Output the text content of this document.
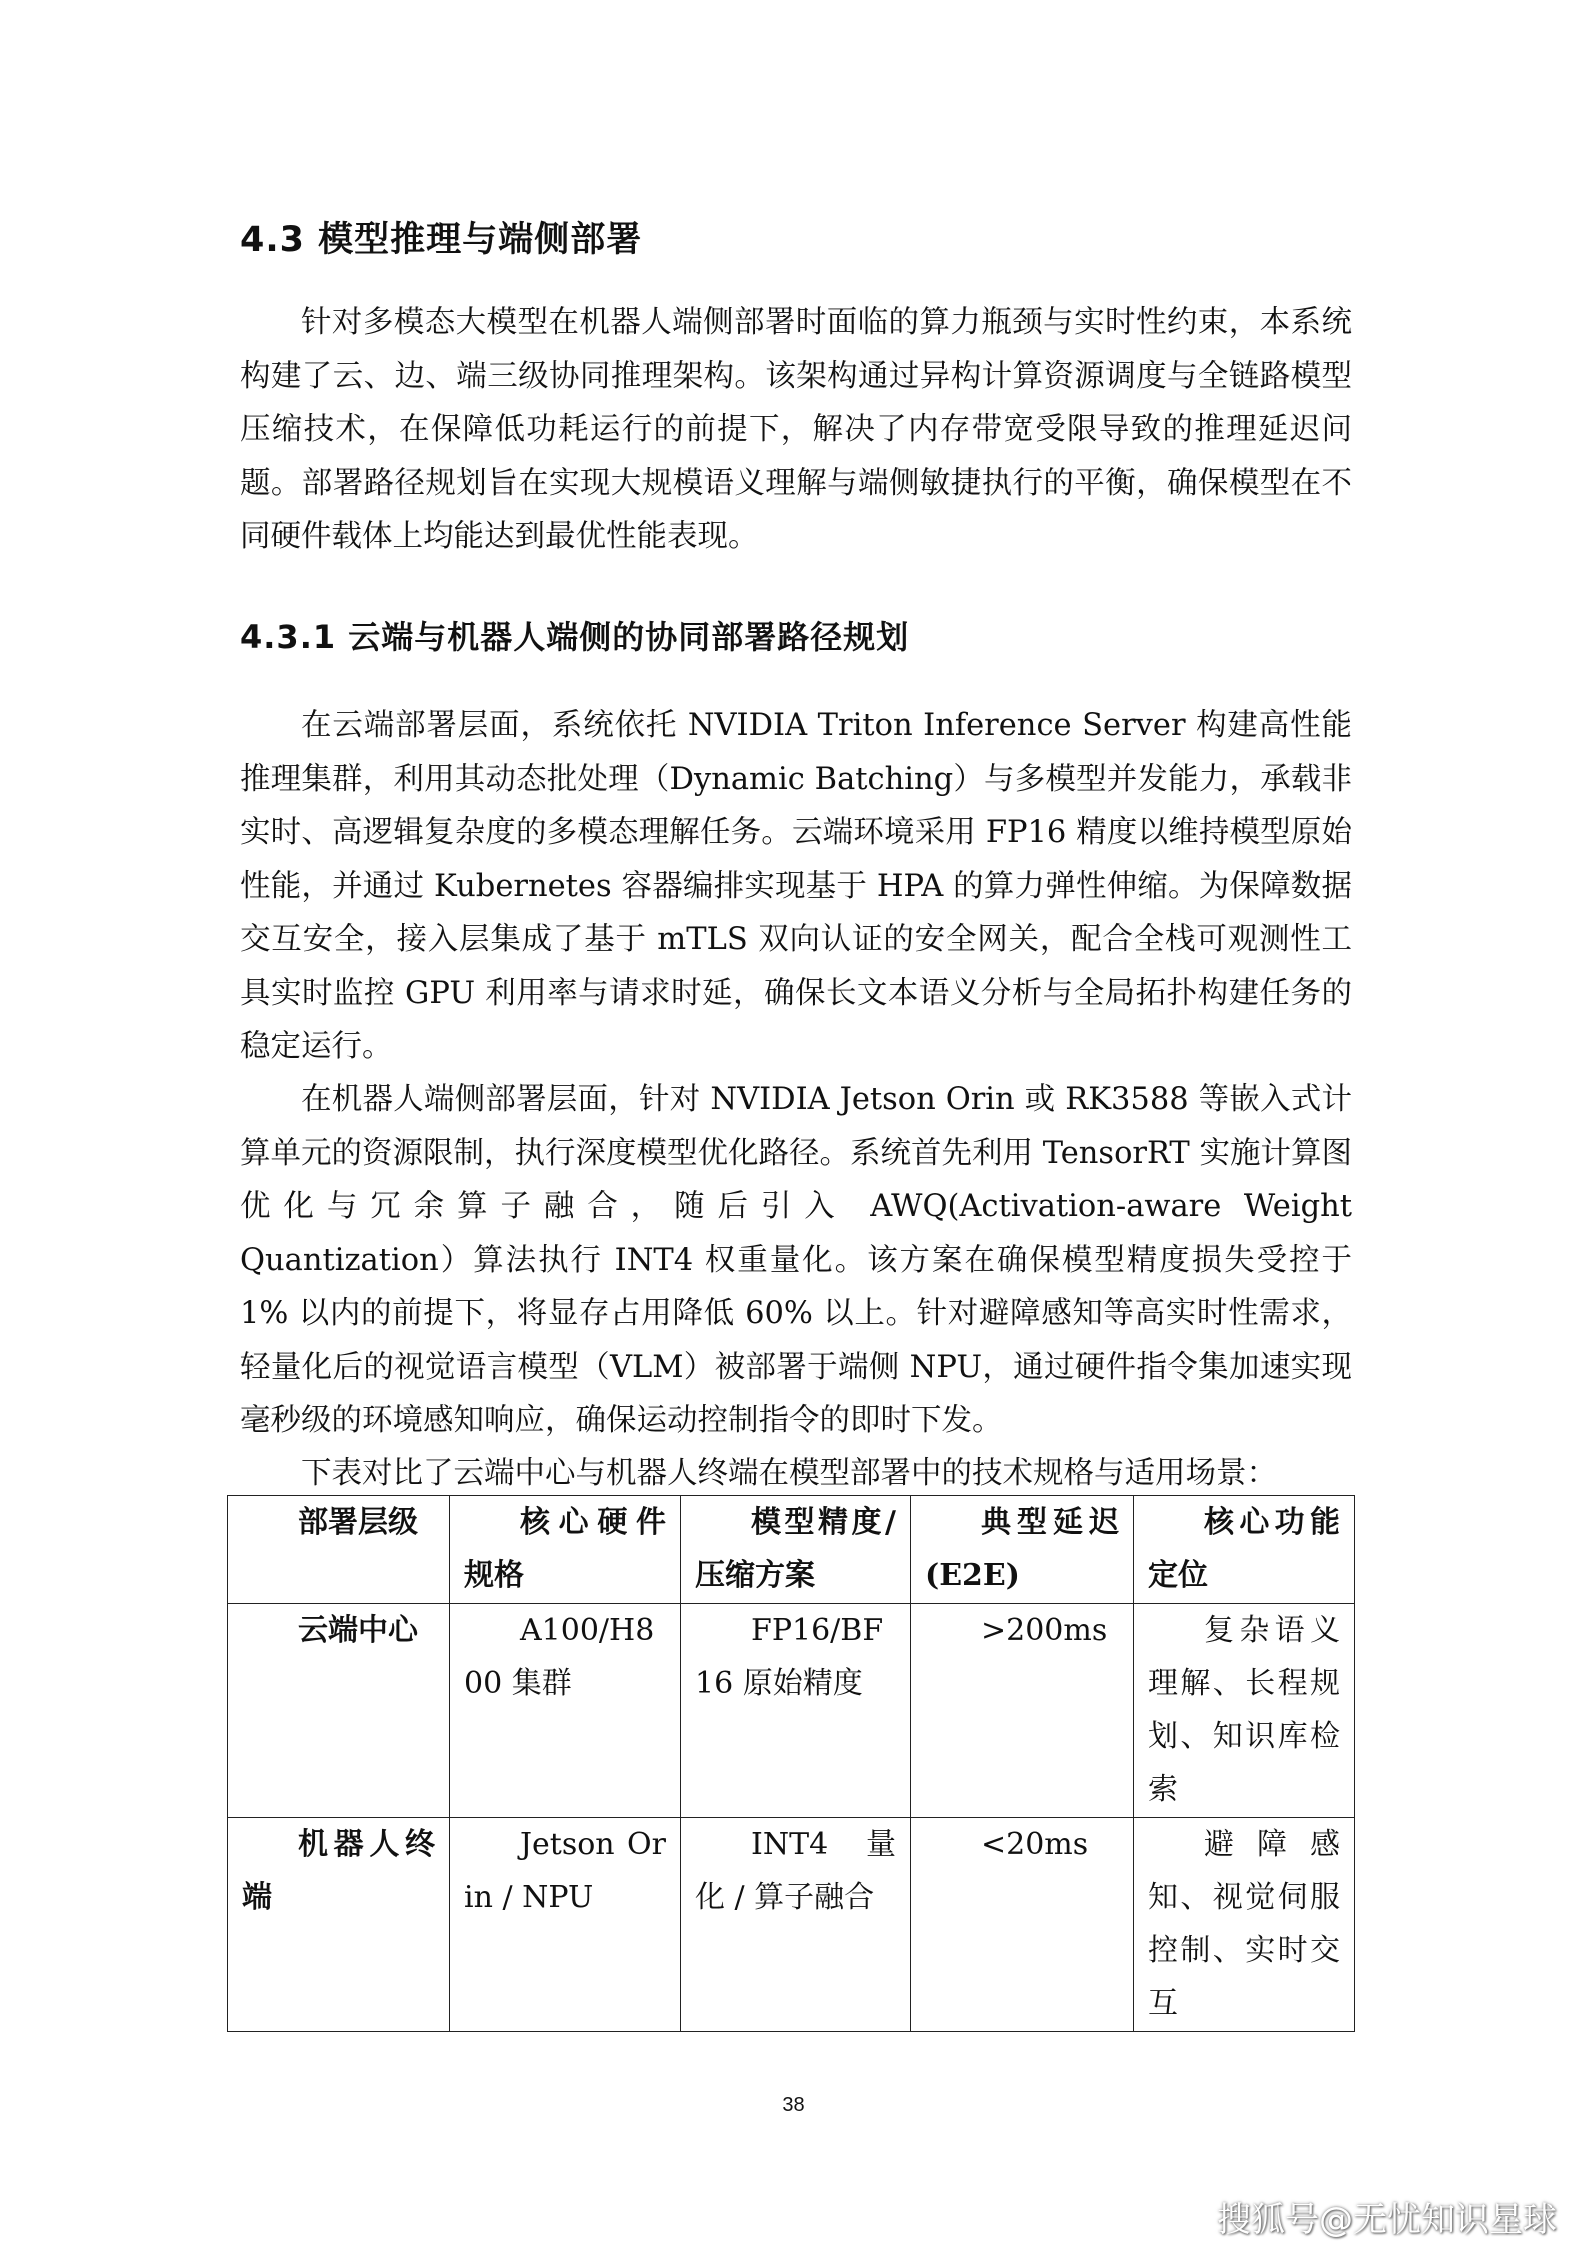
4.3 模型推理与端侧部署

针对多模态大模型在机器人端侧部署时面临的算力瓶颈与实时性约束，本系统构建了云、边、端三级协同推理架构。该架构通过异构计算资源调度与全链路模型压缩技术，在保障低功耗运行的前提下，解决了内存带宽受限导致的推理延迟问题。部署路径规划旨在实现大规模语义理解与端侧敏捷执行的平衡，确保模型在不同硬件载体上均能达到最优性能表现。

4.3.1 云端与机器人端侧的协同部署路径规划

在云端部署层面，系统依托 NVIDIA Triton Inference Server 构建高性能推理集群，利用其动态批处理（Dynamic Batching）与多模型并发能力，承载非实时、高逻辑复杂度的多模态理解任务。云端环境采用 FP16 精度以维持模型原始性能，并通过 Kubernetes 容器编排实现基于 HPA 的算力弹性伸缩。为保障数据交互安全，接入层集成了基于 mTLS 双向认证的安全网关，配合全栈可观测性工具实时监控 GPU 利用率与请求时延，确保长文本语义分析与全局拓扑构建任务的稳定运行。

在机器人端侧部署层面，针对 NVIDIA Jetson Orin 或 RK3588 等嵌入式计算单元的资源限制，执行深度模型优化路径。系统首先利用 TensorRT 实施计算图优化与冗余算子融合，随后引入 AWQ(Activation-aware Weight Quantization）算法执行 INT4 权重量化。该方案在确保模型精度损失受控于 1% 以内的前提下，将显存占用降低 60% 以上。针对避障感知等高实时性需求，轻量化后的视觉语言模型（VLM）被部署于端侧 NPU，通过硬件指令集加速实现毫秒级的环境感知响应，确保运动控制指令的即时下发。

下表对比了云端中心与机器人终端在模型部署中的技术规格与适用场景：

部署层级	核心硬件规格	模型精度/压缩方案	典型延迟(E2E)	核心功能定位
云端中心	A100/H800 集群	FP16/BF16 原始精度	>200ms	复杂语义理解、长程规划、知识库检索
机器人终端	Jetson Orin / NPU	INT4 量化 / 算子融合	<20ms	避 障 感 知、视觉伺服控制、实时交互
38
搜狐号@无忧知识星球
